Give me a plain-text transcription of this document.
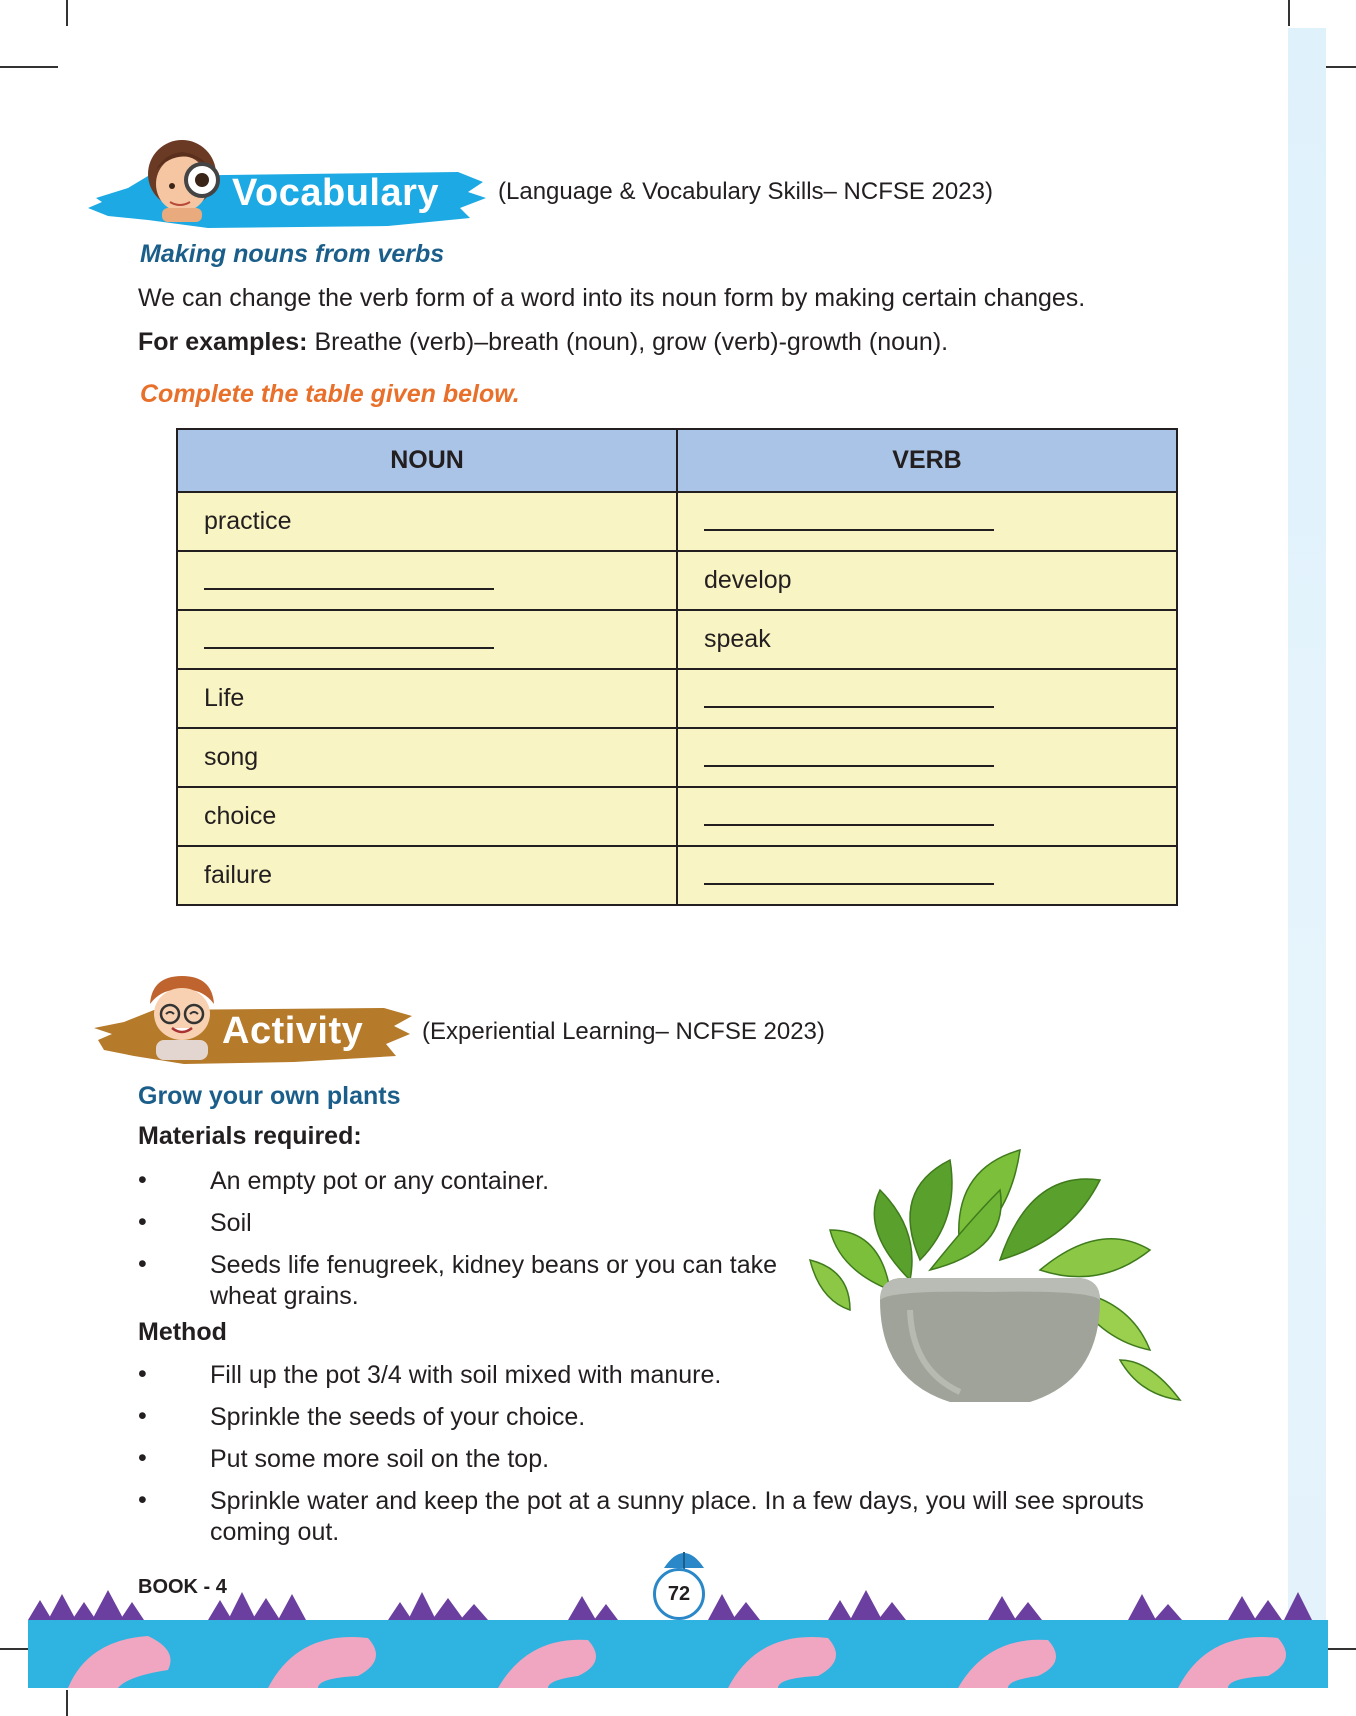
Vocabulary (Language & Vocabulary Skills– NCFSE 2023)
Making nouns from verbs
We can change the verb form of a word into its noun form by making certain changes.
For examples: Breathe (verb)–breath (noun), grow (verb)-growth (noun).
Complete the table given below.
NOUN	VERB
practice	
	develop
	speak
Life	
song	
choice	
failure	
Activity (Experiential Learning– NCFSE 2023)
Grow your own plants
Materials required:
•	An empty pot or any container.
•	Soil
•	Seeds life fenugreek, kidney beans or you can take wheat grains.
Method
•	Fill up the pot 3/4 with soil mixed with manure.
•	Sprinkle the seeds of your choice.
•	Put some more soil on the top.
•	Sprinkle water and keep the pot at a sunny place. In a few days, you will see sprouts coming out.
BOOK - 4	72
